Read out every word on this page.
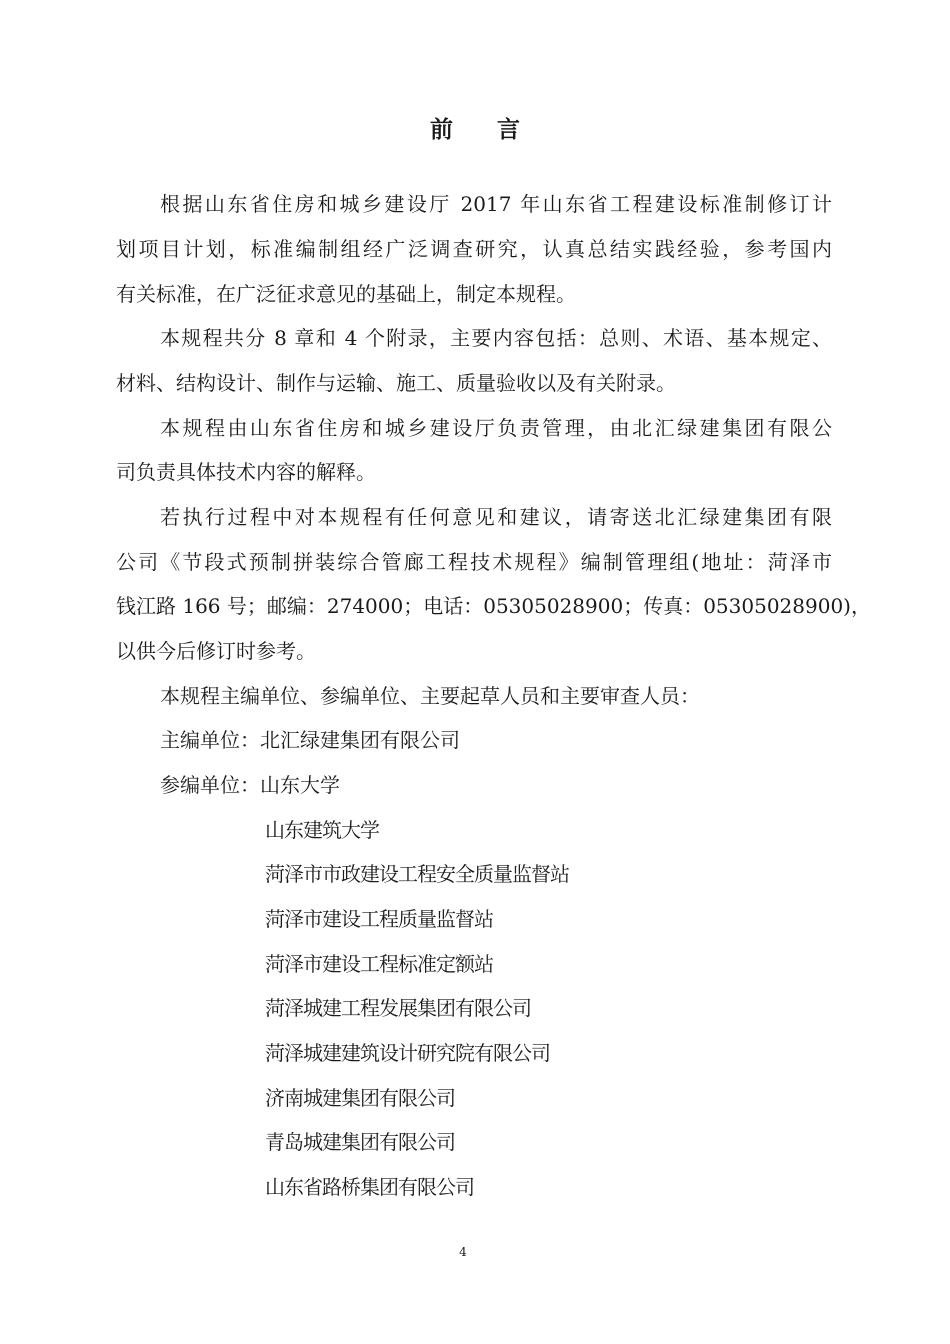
前 言
根据山东省住房和城乡建设厅 2017 年山东省工程建设标准制修订计
划项目计划，标准编制组经广泛调查研究，认真总结实践经验，参考国内
有关标准，在广泛征求意见的基础上，制定本规程。
本规程共分 8 章和 4 个附录，主要内容包括：总则、术语、基本规定、
材料、结构设计、制作与运输、施工、质量验收以及有关附录。
本规程由山东省住房和城乡建设厅负责管理，由北汇绿建集团有限公
司负责具体技术内容的解释。
若执行过程中对本规程有任何意见和建议，请寄送北汇绿建集团有限
公司《节段式预制拼装综合管廊工程技术规程》编制管理组(地址：菏泽市
钱江路 166 号；邮编：274000；电话：05305028900；传真：05305028900)，
以供今后修订时参考。
本规程主编单位、参编单位、主要起草人员和主要审查人员：
主编单位：北汇绿建集团有限公司
参编单位：山东大学
山东建筑大学
菏泽市市政建设工程安全质量监督站
菏泽市建设工程质量监督站
菏泽市建设工程标准定额站
菏泽城建工程发展集团有限公司
菏泽城建建筑设计研究院有限公司
济南城建集团有限公司
青岛城建集团有限公司
山东省路桥集团有限公司
4
